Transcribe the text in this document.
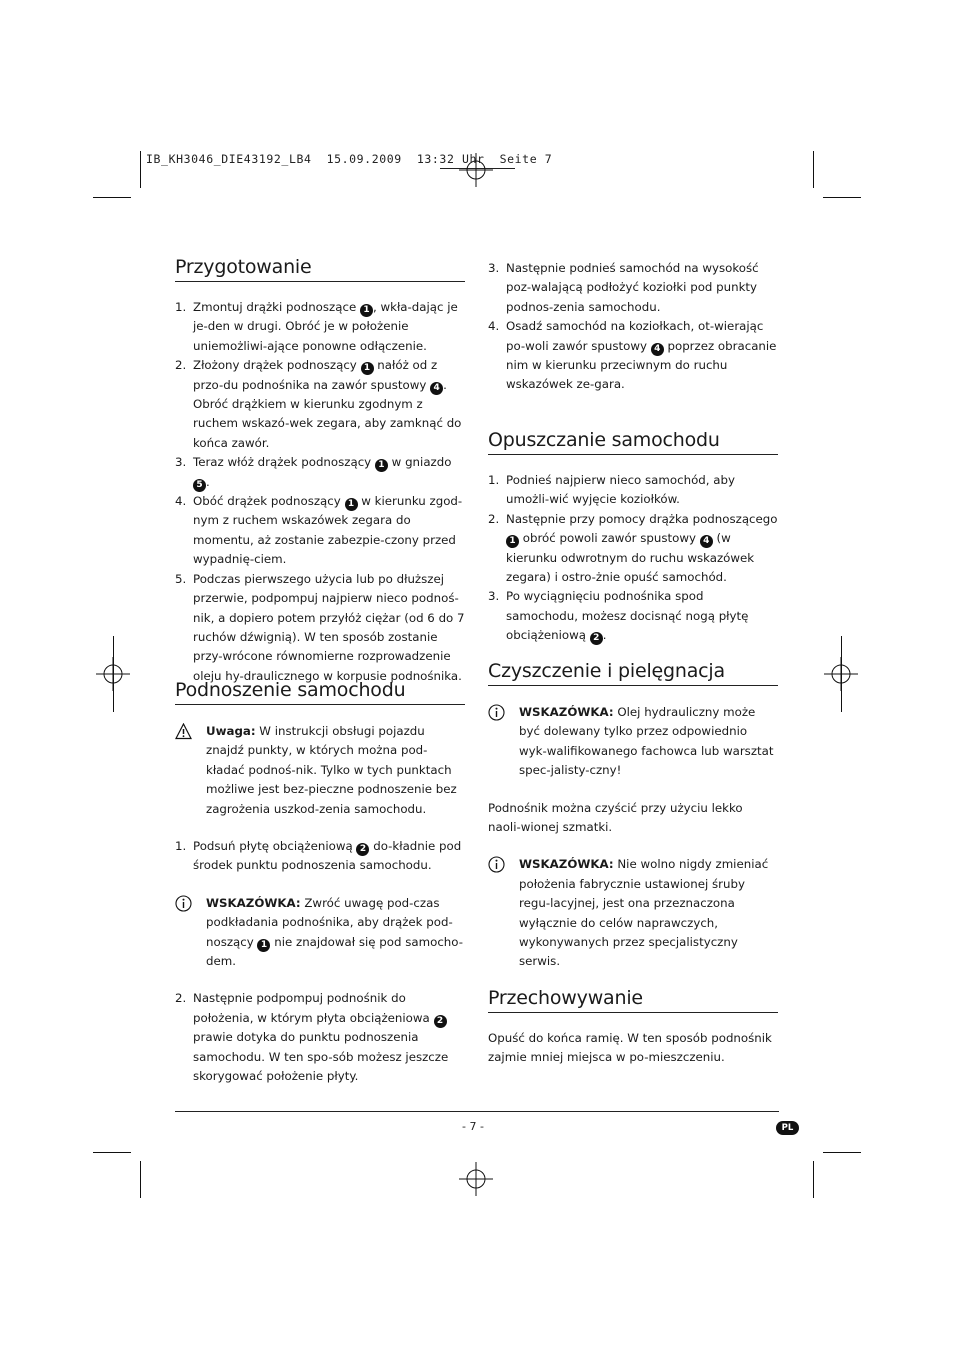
IB_KH3046_DIE43192_LB4  15.09.2009  13:32 Uhr  Seite 7
Przygotowanie
1. Zmontuj drążki podnoszące 1 , wkła-dając je je-den w drugi. Obróć je w położenie uniemożliwi-ające ponowne odłączenie.
2. Złożony drążek podnoszący 1 nałóż od z przo-du podnośnika na zawór spustowy 4 . Obróć drążkiem w kierunku zgodnym z ruchem wskazó-wek zegara, aby zamknąć do końca zawór.
3. Teraz włóż drążek podnoszący 1 w gniazdo 5 .
4. Obóć drążek podnoszący 1 w kierunku zgod-nym z ruchem wskazówek zegara do momentu, aż zostanie zabezpie-czony przed wypadnię-ciem.
5. Podczas pierwszego użycia lub po dłuższej przerwie, podpompuj najpierw nieco podnoś-nik, a dopiero potem przyłóż ciężar (od 6 do 7 ruchów dźwignią). W ten sposób zostanie przy-wrócone równomierne rozprowadzenie oleju hy-draulicznego w korpusie podnośnika.
Podnoszenie samochodu
Uwaga: W instrukcji obsługi pojazdu znajdź punkty, w których można pod-kładać podnoś-nik. Tylko w tych punktach możliwe jest bez-pieczne podnoszenie bez zagrożenia uszkod-zenia samochodu.
1. Podsuń płytę obciążeniową 2 do-kładnie pod środek punktu podnoszenia samochodu.
WSKAZÓWKA: Zwróć uwagę pod-czas podkładania podnośnika, aby drążek pod-noszący 1 nie znajdował się pod samocho-dem.
2. Następnie podpompuj podnośnik do położenia, w którym płyta obciążeniowa 2 prawie dotyka do punktu podnoszenia samochodu. W ten spo-sób możesz jeszcze skorygować położenie płyty.
3. Następnie podnieś samochód na wysokość poz-walającą podłożyć koziołki pod punkty podnos-zenia samochodu.
4. Osadź samochód na koziołkach, ot-wierając po-woli zawór spustowy 4 poprzez obracanie nim w kierunku przeciwnym do ruchu wskazówek ze-gara.
Opuszczanie samochodu
1. Podnieś najpierw nieco samochód, aby umożli-wić wyjęcie koziołków.
2. Następnie przy pomocy drążka podnoszącego 1 obróć powoli zawór spustowy 4 (w kierunku odwrotnym do ruchu wskazówek zegara) i ostro-żnie opuść samochód.
3. Po wyciągnięciu podnośnika spod samochodu, możesz docisnąć nogą płytę obciążeniową 2 .
Czyszczenie i pielęgnacja
WSKAZÓWKA: Olej hydrauliczny może być dolewany tylko przez odpowiednio wyk-walifikowanego fachowca lub warsztat spec-jalisty-czny!
Podnośnik można czyścić przy użyciu lekko naoli-wionej szmatki.
WSKAZÓWKA: Nie wolno nigdy zmieniać położenia fabrycznie ustawionej śruby regu-lacyjnej, jest ona przeznaczona wyłącznie do celów naprawczych, wykonywanych przez specjalistyczny serwis.
Przechowywanie
Opuść do końca ramię. W ten sposób podnośnik zajmie mniej miejsca w po-mieszczeniu.
- 7 -	PL
